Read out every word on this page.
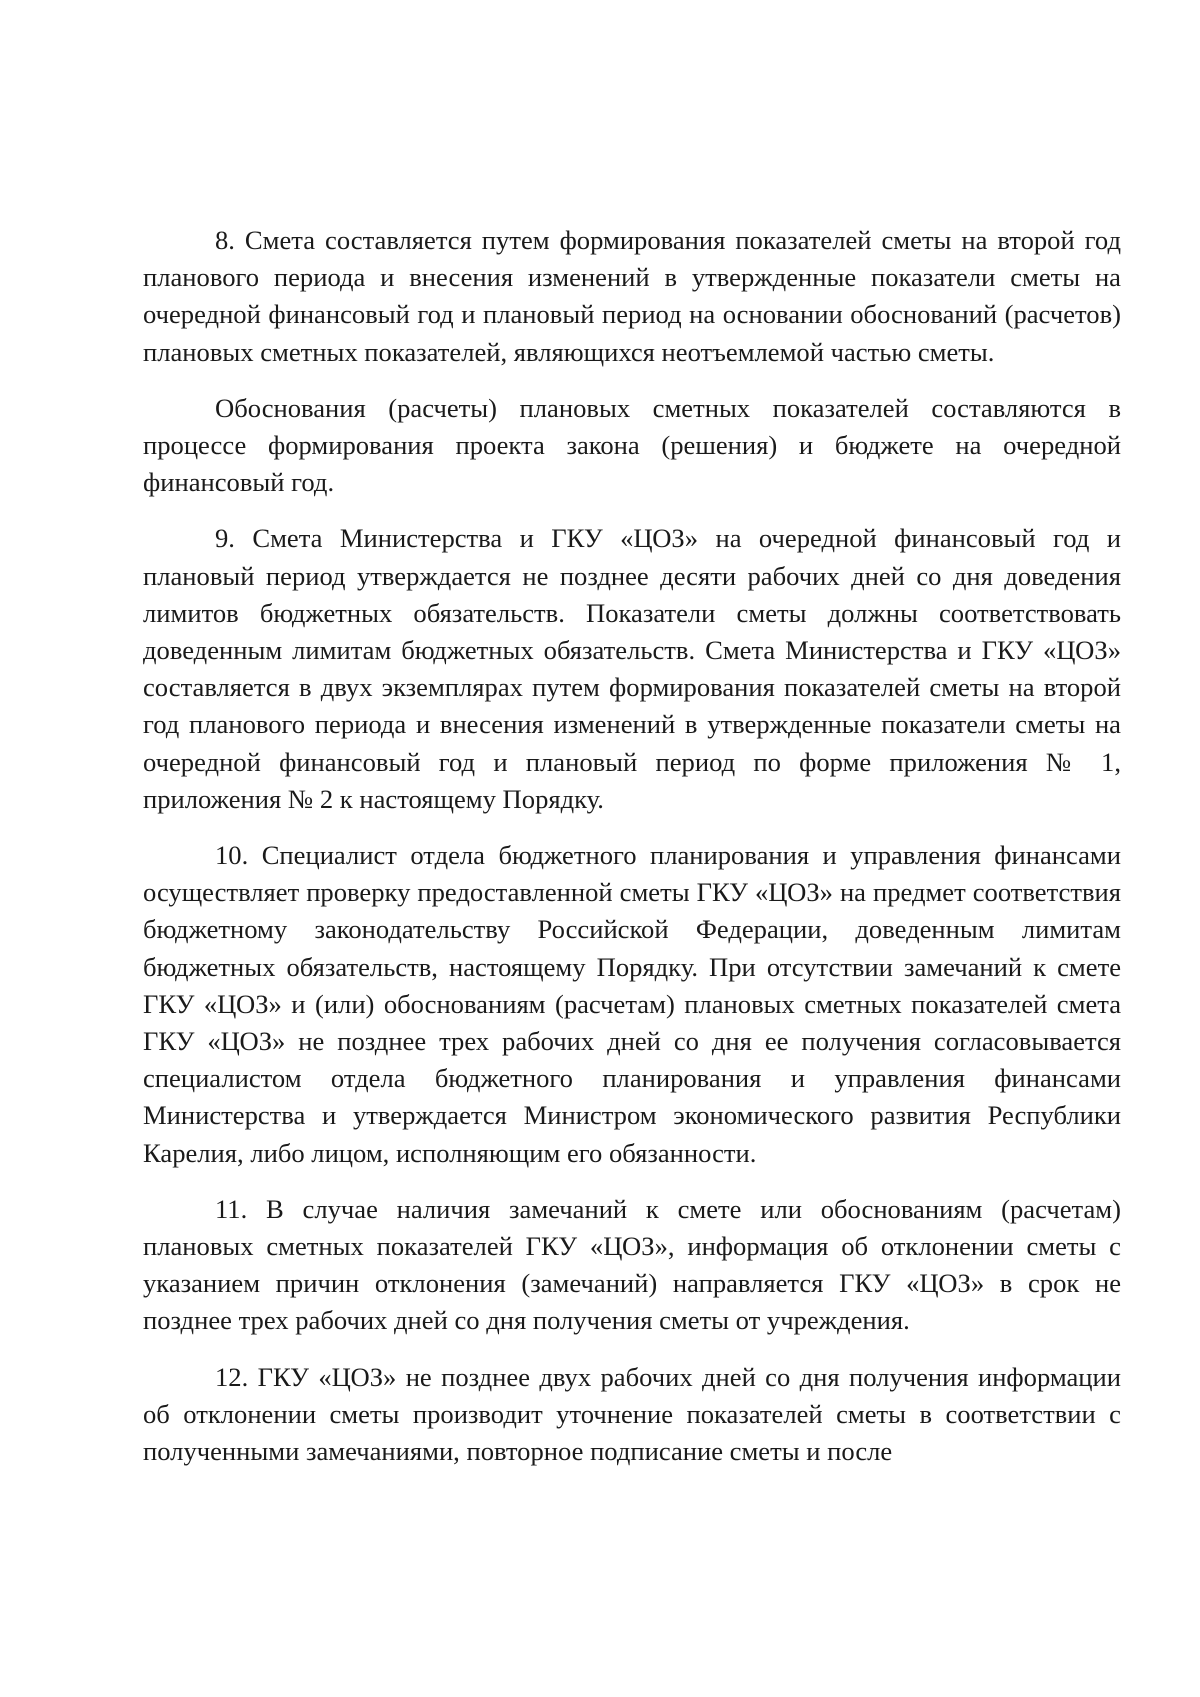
8. Смета составляется путем формирования показателей сметы на второй год планового периода и внесения изменений в утвержденные показатели сметы на очередной финансовый год и плановый период на основании обоснований (расчетов) плановых сметных показателей, являющихся неотъемлемой частью сметы.

Обоснования (расчеты) плановых сметных показателей составляются в процессе формирования проекта закона (решения) и бюджете на очередной финансовый год.

9. Смета Министерства и ГКУ «ЦОЗ» на очередной финансовый год и плановый период утверждается не позднее десяти рабочих дней со дня доведения лимитов бюджетных обязательств. Показатели сметы должны соответствовать доведенным лимитам бюджетных обязательств. Смета Министерства и ГКУ «ЦОЗ» составляется в двух экземплярах путем формирования показателей сметы на второй год планового периода и внесения изменений в утвержденные показатели сметы на очередной финансовый год и плановый период по форме приложения № 1, приложения № 2 к настоящему Порядку.

10. Специалист отдела бюджетного планирования и управления финансами осуществляет проверку предоставленной сметы ГКУ «ЦОЗ» на предмет соответствия бюджетному законодательству Российской Федерации, доведенным лимитам бюджетных обязательств, настоящему Порядку. При отсутствии замечаний к смете ГКУ «ЦОЗ» и (или) обоснованиям (расчетам) плановых сметных показателей смета ГКУ «ЦОЗ» не позднее трех рабочих дней со дня ее получения согласовывается специалистом отдела бюджетного планирования и управления финансами Министерства и утверждается Министром экономического развития Республики Карелия, либо лицом, исполняющим его обязанности.

11. В случае наличия замечаний к смете или обоснованиям (расчетам) плановых сметных показателей ГКУ «ЦОЗ», информация об отклонении сметы с указанием причин отклонения (замечаний) направляется ГКУ «ЦОЗ» в срок не позднее трех рабочих дней со дня получения сметы от учреждения.

12. ГКУ «ЦОЗ» не позднее двух рабочих дней со дня получения информации об отклонении сметы производит уточнение показателей сметы в соответствии с полученными замечаниями, повторное подписание сметы и после
